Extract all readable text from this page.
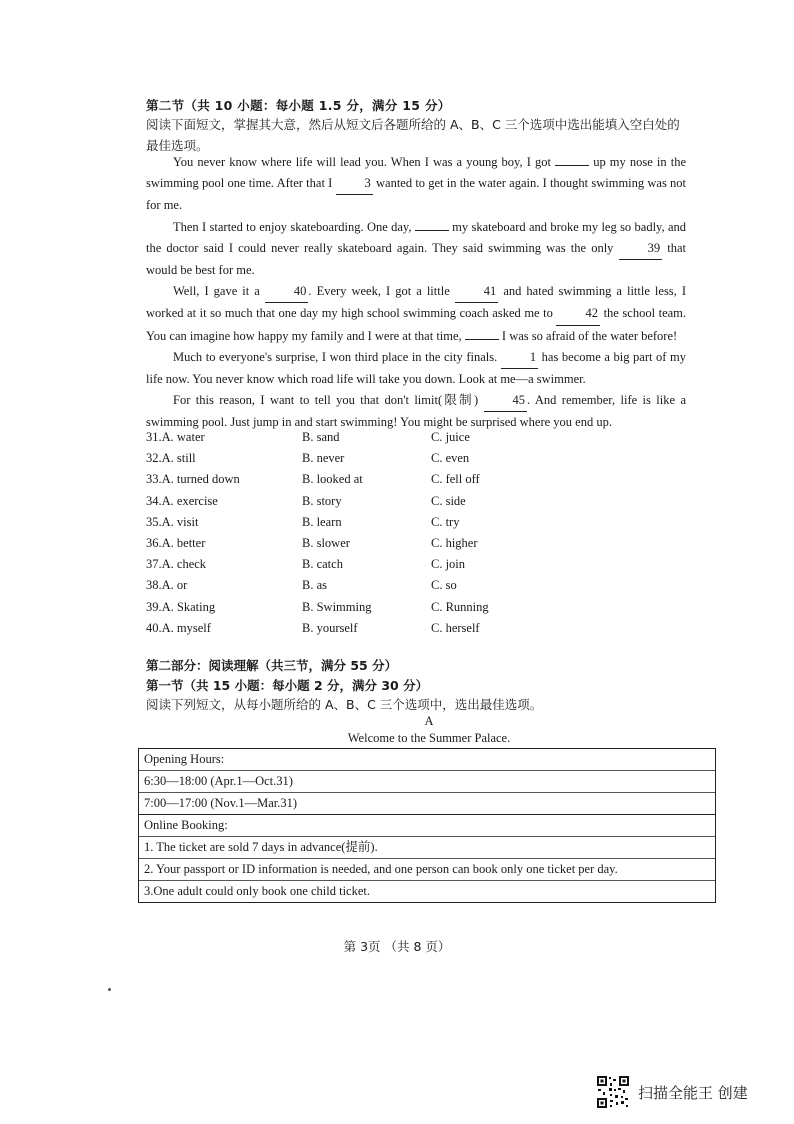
第二节（共 10 小题：每小题 1.5 分，满分 15 分）
阅读下面短文，掌握其大意，然后从短文后各题所给的 A、B、C 三个选项中选出能填入空白处的最佳选项。

You never know where life will lead you. When I was a young boy, I got	up my nose in the swimming pool one time. After that I	3 wanted to get in the water again. I thought swimming was not for me.

Then I started to enjoy skateboarding. One day,	my skateboard and broke my leg so badly, and the doctor said I could never really skateboard again. They said swimming was the only	39 that would be best for me.

Well, I gave it a	40 . Every week, I got a little	41 and hated swimming a little less, I worked at it so much that one day my high school swimming coach asked me to	42 the school team. You can imagine how happy my family and I were at that time,	I was so afraid of the water before!

Much to everyone's surprise, I won third place in the city finals.	1 has become a big part of my life now. You never know which road life will take you down. Look at me—a swimmer.

For this reason, I want to tell you that don't limit(限制)	45 . And remember, life is like a swimming pool. Just jump in and start swimming! You might be surprised where you end up.

31.A. water	B. sand	C. juice
32.A. still	B. never	C. even
33.A. turned down	B. looked at	C. fell off
34.A. exercise	B. story	C. side
35.A. visit	B. learn	C. try
36.A. better	B. slower	C. higher
37.A. check	B. catch	C. join
38.A. or	B. as	C. so
39.A. Skating	B. Swimming	C. Running
40.A. myself	B. yourself	C. herself
第二部分：阅读理解（共三节，满分 55 分）
第一节（共 15 小题：每小题 2 分，满分 30 分）
阅读下列短文，从每小题所给的 A、B、C 三个选项中，选出最佳选项。
A
Welcome to the Summer Palace.
Opening Hours:
6:30—18:00 (Apr.1—Oct.31)
7:00—17:00 (Nov.1—Mar.31)
Online Booking:
1. The ticket are sold 7 days in advance(提前).
2. Your passport or ID information is needed, and one person can book only one ticket per day.
3.One adult could only book one child ticket.
第 3页 （共 8 页）
扫描全能王 创建
